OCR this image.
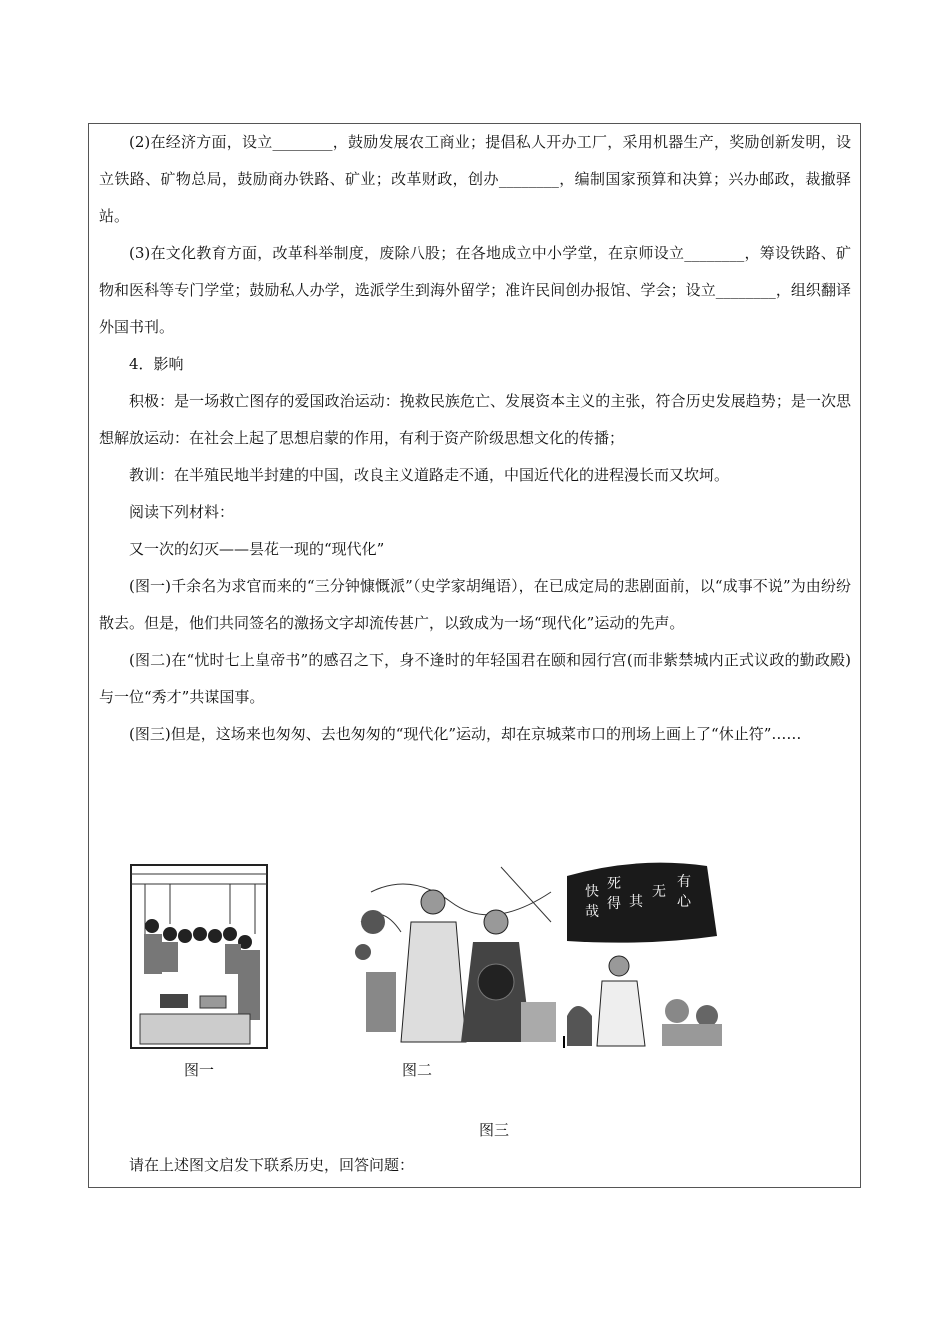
(2)在经济方面，设立________，鼓励发展农工商业；提倡私人开办工厂，采用机器生产，奖励创新发明，设立铁路、矿物总局，鼓励商办铁路、矿业；改革财政，创办________，编制国家预算和决算；兴办邮政，裁撤驿站。

(3)在文化教育方面，改革科举制度，废除八股；在各地成立中小学堂，在京师设立________，筹设铁路、矿物和医科等专门学堂；鼓励私人办学，选派学生到海外留学；准许民间创办报馆、学会；设立________，组织翻译外国书刊。

4．影响

积极：是一场救亡图存的爱国政治运动：挽救民族危亡、发展资本主义的主张，符合历史发展趋势；是一次思想解放运动：在社会上起了思想启蒙的作用，有利于资产阶级思想文化的传播；

教训：在半殖民地半封建的中国，改良主义道路走不通，中国近代化的进程漫长而又坎坷。

阅读下列材料：

又一次的幻灭——昙花一现的“现代化”

(图一)千余名为求官而来的“三分钟慷慨派”（史学家胡绳语），在已成定局的悲剧面前，以“成事不说”为由纷纷散去。但是，他们共同签名的激扬文字却流传甚广，以致成为一场“现代化”运动的先声。

(图二)在“忧时七上皇帝书”的感召之下，身不逢时的年轻国君在颐和园行宫(而非紫禁城内正式议政的勤政殿)与一位“秀才”共谋国事。

(图三)但是，这场来也匆匆、去也匆匆的“现代化”运动，却在京城菜市口的刑场上画上了“休止符”……

图一	图二
快 死
哉 得 其
无
有
心
图三
请在上述图文启发下联系历史，回答问题：
